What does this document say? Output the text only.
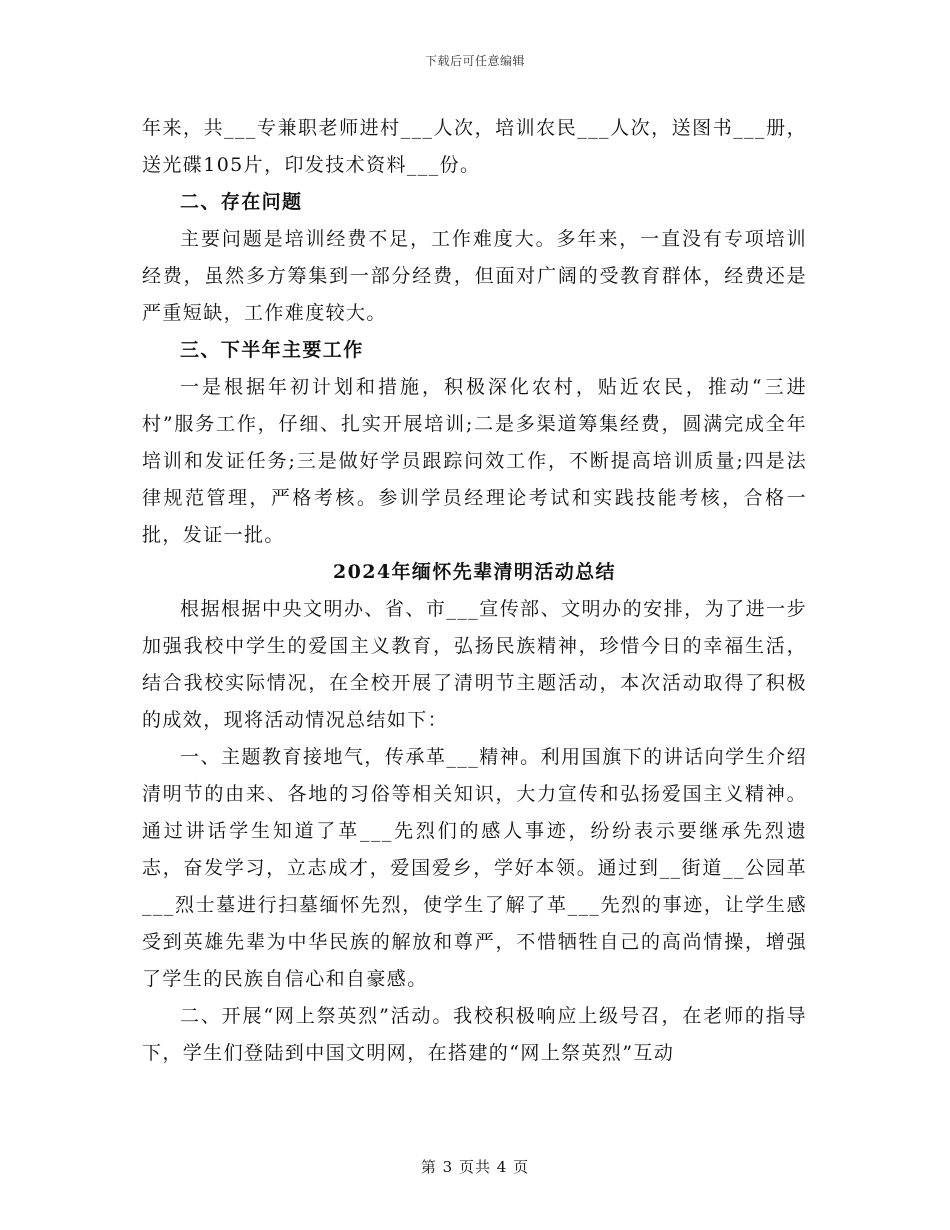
下载后可任意编辑

年来，共___专兼职老师进村___人次，培训农民___人次，送图书___册，送光碟105片，印发技术资料___份。

二、存在问题

主要问题是培训经费不足，工作难度大。多年来，一直没有专项培训经费，虽然多方筹集到一部分经费，但面对广阔的受教育群体，经费还是严重短缺，工作难度较大。

三、下半年主要工作

一是根据年初计划和措施，积极深化农村，贴近农民，推动“三进村”服务工作，仔细、扎实开展培训;二是多渠道筹集经费，圆满完成全年培训和发证任务;三是做好学员跟踪问效工作，不断提高培训质量;四是法律规范管理，严格考核。参训学员经理论考试和实践技能考核，合格一批，发证一批。

2024年缅怀先辈清明活动总结

根据根据中央文明办、省、市___宣传部、文明办的安排，为了进一步加强我校中学生的爱国主义教育，弘扬民族精神，珍惜今日的幸福生活，结合我校实际情况，在全校开展了清明节主题活动，本次活动取得了积极的成效，现将活动情况总结如下：

一、主题教育接地气，传承革___精神。利用国旗下的讲话向学生介绍清明节的由来、各地的习俗等相关知识，大力宣传和弘扬爱国主义精神。通过讲话学生知道了革___先烈们的感人事迹，纷纷表示要继承先烈遗志，奋发学习，立志成才，爱国爱乡，学好本领。通过到__街道__公园革___烈士墓进行扫墓缅怀先烈，使学生了解了革___先烈的事迹，让学生感受到英雄先辈为中华民族的解放和尊严，不惜牺牲自己的高尚情操，增强了学生的民族自信心和自豪感。

二、开展“网上祭英烈”活动。我校积极响应上级号召，在老师的指导下，学生们登陆到中国文明网，在搭建的“网上祭英烈”互动

第 3 页共 4 页
